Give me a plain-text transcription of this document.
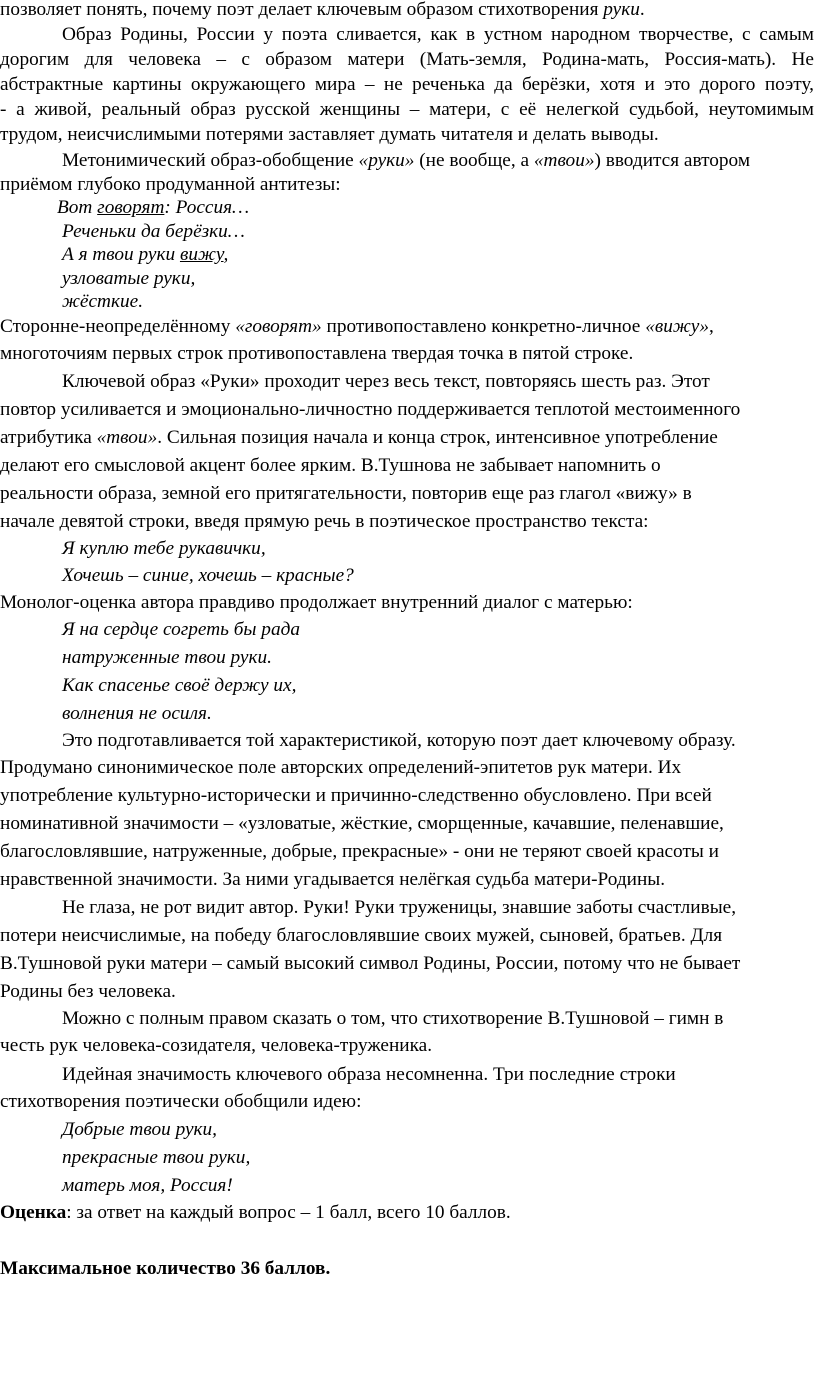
позволяет понять, почему поэт делает ключевым образом стихотворения руки.
Образ Родины, России у поэта сливается, как в устном народном творчестве, с самым
дорогим для человека – с образом матери (Мать-земля, Родина-мать, Россия-мать). Не
абстрактные картины окружающего мира – не реченька да берёзки, хотя и это дорого поэту,
- а живой, реальный образ русской женщины – матери, с её нелегкой судьбой, неутомимым
трудом, неисчислимыми потерями заставляет думать читателя и делать выводы.
Метонимический образ-обобщение «руки» (не вообще, а «твои») вводится автором
приёмом глубоко продуманной антитезы:
Вот говорят: Россия…
Реченьки да берёзки…
А я твои руки вижу,
узловатые руки,
жёсткие.
Сторонне-неопределённому «говорят» противопоставлено конкретно-личное «вижу»,
многоточиям первых строк противопоставлена твердая точка в пятой строке.
Ключевой образ «Руки» проходит через весь текст, повторяясь шесть раз. Этот
повтор усиливается и эмоционально-личностно поддерживается теплотой местоименного
атрибутика «твои». Сильная позиция начала и конца строк, интенсивное употребление
делают его смысловой акцент более ярким. В.Тушнова не забывает напомнить о
реальности образа, земной его притягательности, повторив еще раз глагол «вижу» в
начале девятой строки, введя прямую речь в поэтическое пространство текста:
Я куплю тебе рукавички,
Хочешь – синие, хочешь – красные?
Монолог-оценка автора правдиво продолжает внутренний диалог с матерью:
Я на сердце согреть бы рада
натруженные твои руки.
Как спасенье своё держу их,
волнения не осиля.
Это подготавливается той характеристикой, которую поэт дает ключевому образу.
Продумано синонимическое поле авторских определений-эпитетов рук матери. Их
употребление культурно-исторически и причинно-следственно обусловлено. При всей
номинативной значимости – «узловатые, жёсткие, сморщенные, качавшие, пеленавшие,
благословлявшие, натруженные, добрые, прекрасные» - они не теряют своей красоты и
нравственной значимости. За ними угадывается нелёгкая судьба матери-Родины.
Не глаза, не рот видит автор. Руки! Руки труженицы, знавшие заботы счастливые,
потери неисчислимые, на победу благословлявшие своих мужей, сыновей, братьев. Для
В.Тушновой руки матери – самый высокий символ Родины, России, потому что не бывает
Родины без человека.
Можно с полным правом сказать о том, что стихотворение В.Тушновой – гимн в
честь рук человека-созидателя, человека-труженика.
Идейная значимость ключевого образа несомненна. Три последние строки
стихотворения поэтически обобщили идею:
Добрые твои руки,
прекрасные твои руки,
матерь моя, Россия!
Оценка: за ответ на каждый вопрос – 1 балл, всего 10 баллов.
Максимальное количество 36 баллов.
